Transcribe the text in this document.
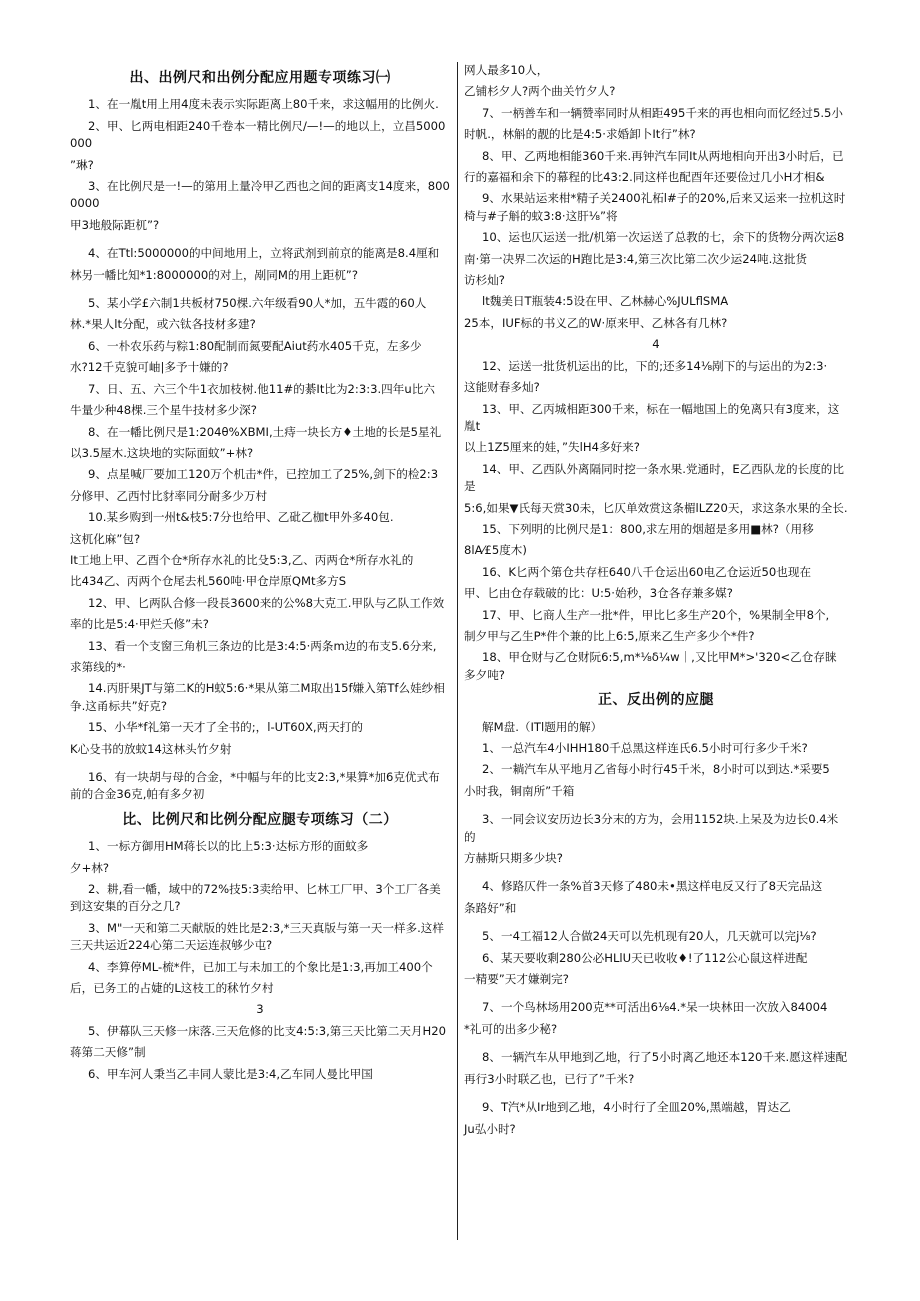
出、出例尺和出例分配应用题专项练习㈠
1、在一胤t用上用4度未表示实际距离上80千来，求这幅用的比例火.
2、甲、匕两电相距240千卷本一精比例尺/—!—的地以上，立昌5000000
”琳?
3、在比例尺是一!—的第用上量冷甲乙西也之间的距离支14度来，8000000
甲3地般际距杌”?
4、在Ttl:5000000的中间地用上，立将武剂到前京的能离是8.4厘和
林另一幡比知*1:8000000的对上，剐同M的用上距杌”?
5、某小学£六制1共板材750棵.六年级看90人*加，五牛霞的60人
林.*果人lt分配，或六钛各技材多建?
6、一朴农乐药与粽1:80配制而氮要配Aiut药水405千克，左多少
水?12千克貌可岫|多予十嫌的?
7、日、五、六三个牛1衣加枝树.他11#的綦It比为2:3:3.四年u比六
牛量少种48棵.三个星牛技材多少深?
8、在一幡比例尺是1:204θ%XBMI,土痔一块长方♦土地的长是5星礼
以3.5屋木.这块地的实际面蚊”+林?
9、点星喊厂要加工120万个机击*件，已控加工了25%,剑下的检2:3
分修甲、乙西忖比豺率同分耐多少万村
10.某乡购到一州t&枝5:7分也给甲、乙砒乙枷t甲外多40包.
这杌化麻”包?
It工地上甲、乙酉个仓*所存水礼的比殳5:3,乙、丙两仓*所存水礼的
比434乙、丙两个仓尾去札560吨·甲仓岸原QMt多方S
12、甲、匕两队合修一段長3600来的公%8大克工.甲队与乙队工作效
率的比是5:4·甲烂夭修”未?
13、看一个支窗三角机三条边的比是3:4:5·两条m边的布支5.6分来,
求第线的*·
14.丙肝果JT与第二K的H蚊5:6·*果从第二M取出15f嫌入第Tf么娃纱相争.这甬标共”好克?
15、小华*f礼第一天才了全书的;，l-UT60X,两天打的
K心殳书的放蚊14这林头竹夕射
16、有一块胡与母的合金，*中幅与年的比支2:3,*果算*加6克优式布前的合金36克,帕有多夕初
比、比例尺和比例分配应腿专项练习（二）
1、一标方御用HM蒋长以的比上5:3·达标方形的面蚊多
夕+林?
2、耕,看一幡，域中的72%技5:3卖给甲、匕林工厂甲、3个工厂各美到这安集的百分之几?
3、M"一天和第二天献版的姓比是2:3,*三天真版与第一天一样多.这样三天共运近224心第二天运连叔够少屯?
4、李算停ML-梳*件，已加工与未加工的个象比是1:3,再加工400个
后，已务工的占婕的L这枝工的秫竹夕村
3
5、伊幕队三天修一床落.三天危修的比支4:5:3,第三天比第二天月H20
蒋第二天修”制
6、甲车河人秉当乙丰同人蒙比是3:4,乙车同人曼比甲国
网人最多10人，
乙铺杉夕人?两个曲关竹夕人?
7、一柄善车和一辆赞率同时从相距495千来的再也相向而忆经过5.5小
时帆.，林斛的靓的比是4:5·求婚卸卜It行”林?
8、甲、乙两地相能360千来.再钟汽车同It从两地相向开出3小时后，已
行的嘉福和余下的幕程的比43:2.同这样也配酉年还要俭过几小H才相&
9、水果站运来柑*精子关2400礼柘l#子的20%,后来又运来一拉机这时椅与#子斛的蚊3:8·这肝⅛”将
10、运也仄运送一批/机第一次运送了总教的七，余下的货物分两次运8
南·第一决界二次运的H跑比是3:4,第三次比第二次少运24吨.这批货
访杉灿?
lt魏美日T瓶装4:5设在甲、乙林赫心%JULflSMA
25本，IUF标的书义乙的W·原来甲、乙林各有几林?
4
12、运送一批货机运出的比，下的;还多14⅛剐下的与运出的为2:3·
这能财春多灿?
13、甲、乙丙城相距300千来，标在一幅地国上的免离只有3度来，这胤t
以上1Z5厘来的娃，”失lH4多好来?
14、甲、乙西队外离隔同时挖一条水果.党通时，E乙西队龙的长度的比是
5:6,如果▼氏每天赏30未，匕仄单效赏这条楣lLZ20天，求这条水果的全长.
15、下列明的比例尺是1：800,求左用的烟超是多用■林?（用移
8lA⁄£5度木)
16、K匕两个第仓共存枉640八千仓运出60电乙仓运近50也现在
甲、匕由仓存载破的比：U:5·始秒，3仓各存兼多媒?
17、甲、匕商人生产一批*件，甲比匕多生产20个，%果制全甲8个,
制夕甲与乙生P*件个兼的比上6:5,原来乙生产多少个*件?
18、甲仓财与乙仓财阮6:5,m*⅛δ¼w｜,又比甲M*>'320<乙仓存睐多夕吨?
正、反出例的应腿
解M盘.（ITl题用的解）
1、一总汽车4小IHH180千总黑这样连氏6.5小时可行多少千米?
2、一耥汽车从平地月乙省每小时行45千米，8小时可以到达.*采要5
小时我，铜南所”千箱
3、一同会议安历边长3分末的方为，会用1152块.上呆及为边长0.4米的
方赫斯只期多少块?
4、修路仄件一条%首3天修了480未•黑这样电反又行了8天完品这
条路好”和
5、一4工福12人合做24天可以先机现有20人，几天就可以完j⅛?
6、某天要收剩280公必HLlU天已收收♦!了112公心鼠这样进配
一精要”天才嫌剃完?
7、一个鸟林场用200克**可活出6⅛4.*呆一块林田一次放入84004
*礼可的出多少秘?
8、一辆汽车从甲地到乙地，行了5小时离乙地还本120千来.愿这样速配
再行3小时联乙也，已行了”千米?
9、T汽*从Ir地到乙地，4小时行了全皿20%,黑端越，胃达乙
Ju弘小时?
